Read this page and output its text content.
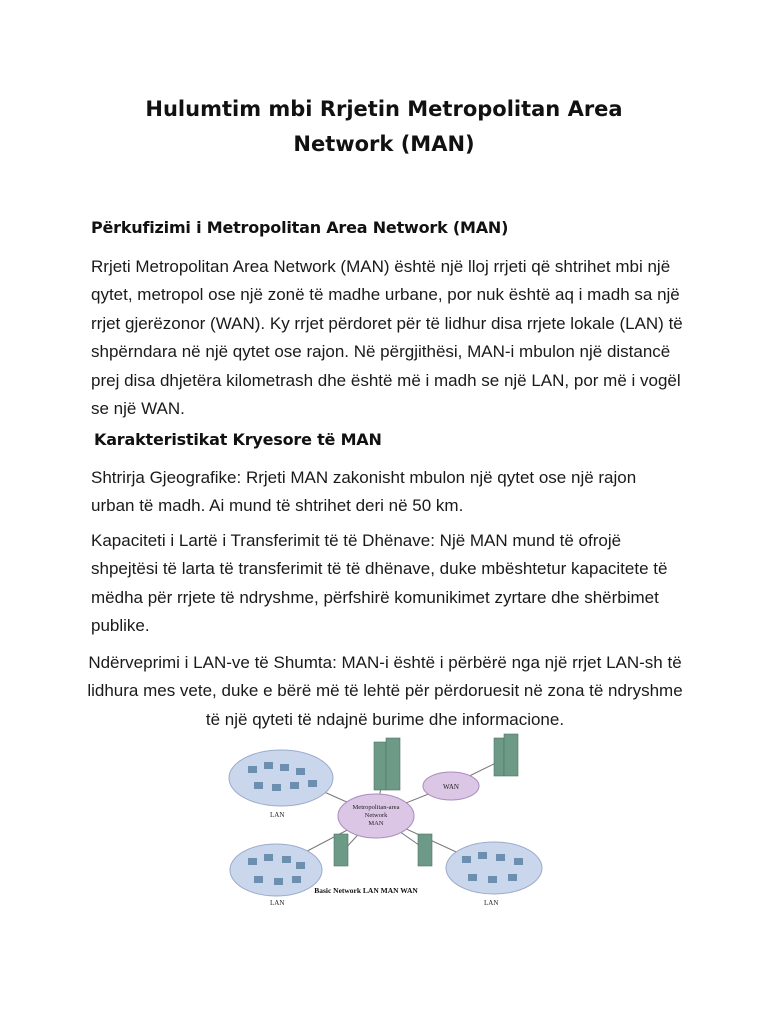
Hulumtim mbi Rrjetin Metropolitan Area Network (MAN)
Përkufizimi i Metropolitan Area Network (MAN)
Rrjeti Metropolitan Area Network (MAN) është një lloj rrjeti që shtrihet mbi një qytet, metropol ose një zonë të madhe urbane, por nuk është aq i madh sa një rrjet gjerëzonor (WAN). Ky rrjet përdoret për të lidhur disa rrjete lokale (LAN) të shpërndara në një qytet ose rajon. Në përgjithësi, MAN-i mbulon një distancë prej disa dhjetëra kilometrash dhe është më i madh se një LAN, por më i vogël se një WAN.
Karakteristikat Kryesore të MAN
Shtrirja Gjeografike: Rrjeti MAN zakonisht mbulon një qytet ose një rajon urban të madh. Ai mund të shtrihet deri në 50 km.
Kapaciteti i Lartë i Transferimit të të Dhënave: Një MAN mund të ofrojë shpejtësi të larta të transferimit të të dhënave, duke mbështetur kapacitete të mëdha për rrjete të ndryshme, përfshirë komunikimet zyrtare dhe shërbimet publike.
Ndërveprimi i LAN-ve të Shumta: MAN-i është i përbërë nga një rrjet LAN-sh të lidhura mes vete, duke e bërë më të lehtë për përdoruesit në zona të ndryshme të një qyteti të ndajnë burime dhe informacione.
LAN
Metropolitan-area
Network
MAN
WAN
LAN	LAN
Basic Network LAN MAN WAN
